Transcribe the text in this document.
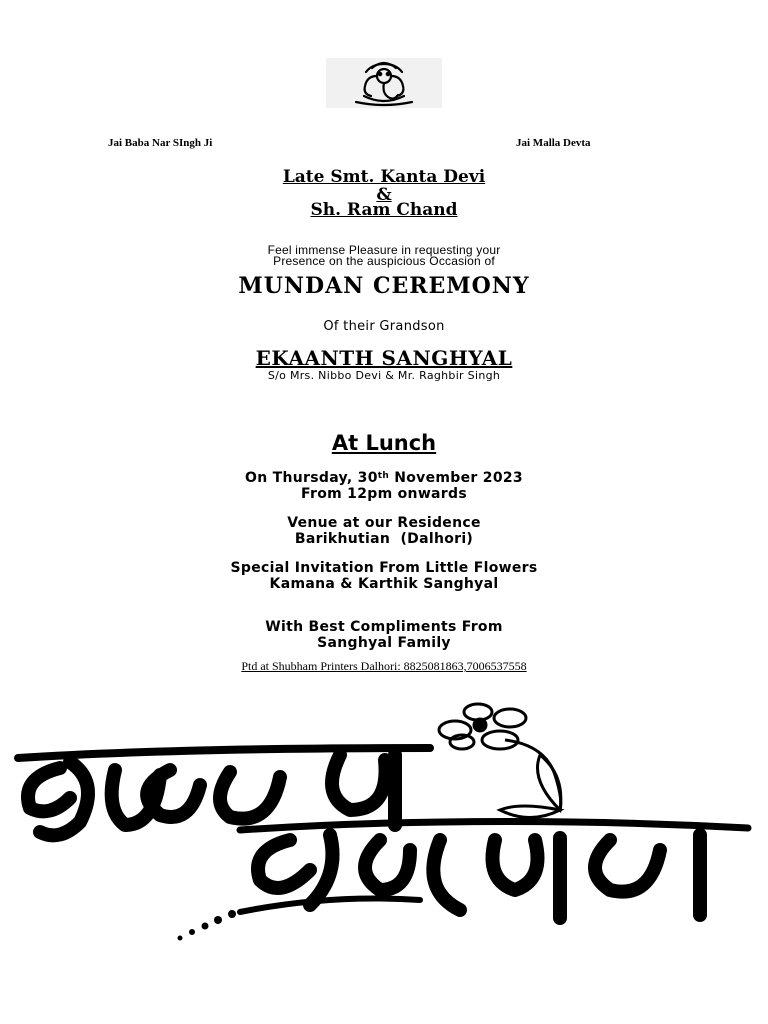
Jai Baba Nar SIngh Ji	Jai Malla Devta
Late Smt. Kanta Devi
&
Sh. Ram Chand
Feel immense Pleasure in requesting your
Presence on the auspicious Occasion of
MUNDAN CEREMONY
Of their Grandson
EKAANTH SANGHYAL
S/o Mrs. Nibbo Devi & Mr. Raghbir Singh
At Lunch
On Thursday, 30th November 2023
From 12pm onwards
Venue at our Residence
Barikhutian  (Dalhori)
Special Invitation From Little Flowers
Kamana & Karthik Sanghyal
With Best Compliments From
Sanghyal Family
Ptd at Shubham Printers Dalhori: 8825081863,7006537558
